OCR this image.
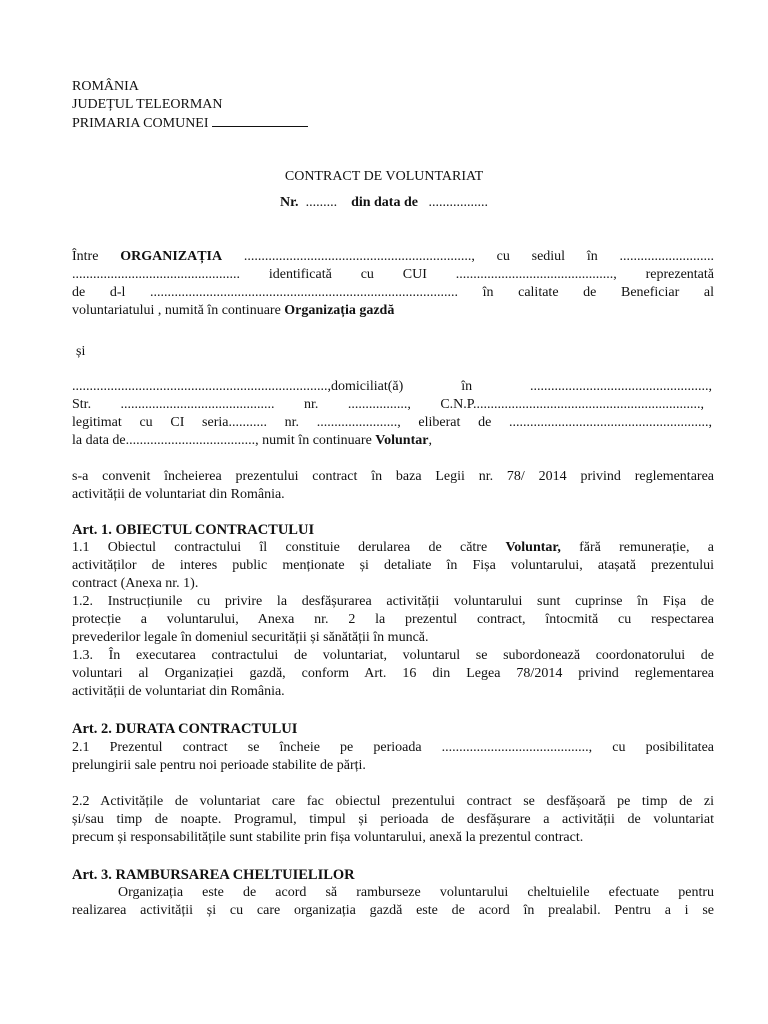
ROMÂNIA
JUDEȚUL TELEORMAN
PRIMARIA COMUNEI
CONTRACT DE VOLUNTARIAT
Nr. ......... din data de .................
Între ORGANIZAȚIA ................................................................., cu sediul în ...........................
................................................ identificată cu CUI ............................................., reprezentată
de d-l ........................................................................................ în calitate de Beneficiar al
voluntariatului , numită în continuare Organizația gazdă
și
.........................................................................,domiciliat(ă) în ...................................................,
Str. ............................................ nr. ................., C.N.P.................................................................,
legitimat cu CI seria........... nr. ......................., eliberat de .........................................................,
la data de....................................., numit în continuare Voluntar,
s-a convenit încheierea prezentului contract în baza Legii nr. 78/ 2014 privind reglementarea
activității de voluntariat din România.
Art. 1. OBIECTUL CONTRACTULUI
1.1 Obiectul contractului îl constituie derularea de către Voluntar, fără remunerație, a
activităților de interes public menționate și detaliate în Fișa voluntarului, atașată prezentului
contract (Anexa nr. 1).
1.2. Instrucțiunile cu privire la desfășurarea activității voluntarului sunt cuprinse în Fișa de
protecție a voluntarului, Anexa nr. 2 la prezentul contract, întocmită cu respectarea
prevederilor legale în domeniul securității și sănătății în muncă.
1.3. În executarea contractului de voluntariat, voluntarul se subordonează coordonatorului de
voluntari al Organizației gazdă, conform Art. 16 din Legea 78/2014 privind reglementarea
activității de voluntariat din România.
Art. 2. DURATA CONTRACTULUI
2.1 Prezentul contract se încheie pe perioada .........................................., cu posibilitatea
prelungirii sale pentru noi perioade stabilite de părți.
2.2 Activitățile de voluntariat care fac obiectul prezentului contract se desfășoară pe timp de zi
și/sau timp de noapte. Programul, timpul și perioada de desfășurare a activității de voluntariat
precum și responsabilitățile sunt stabilite prin fișa voluntarului, anexă la prezentul contract.
Art. 3. RAMBURSAREA CHELTUIELILOR
Organizația este de acord să ramburseze voluntarului cheltuielile efectuate pentru
realizarea activității și cu care organizația gazdă este de acord în prealabil. Pentru a i se
